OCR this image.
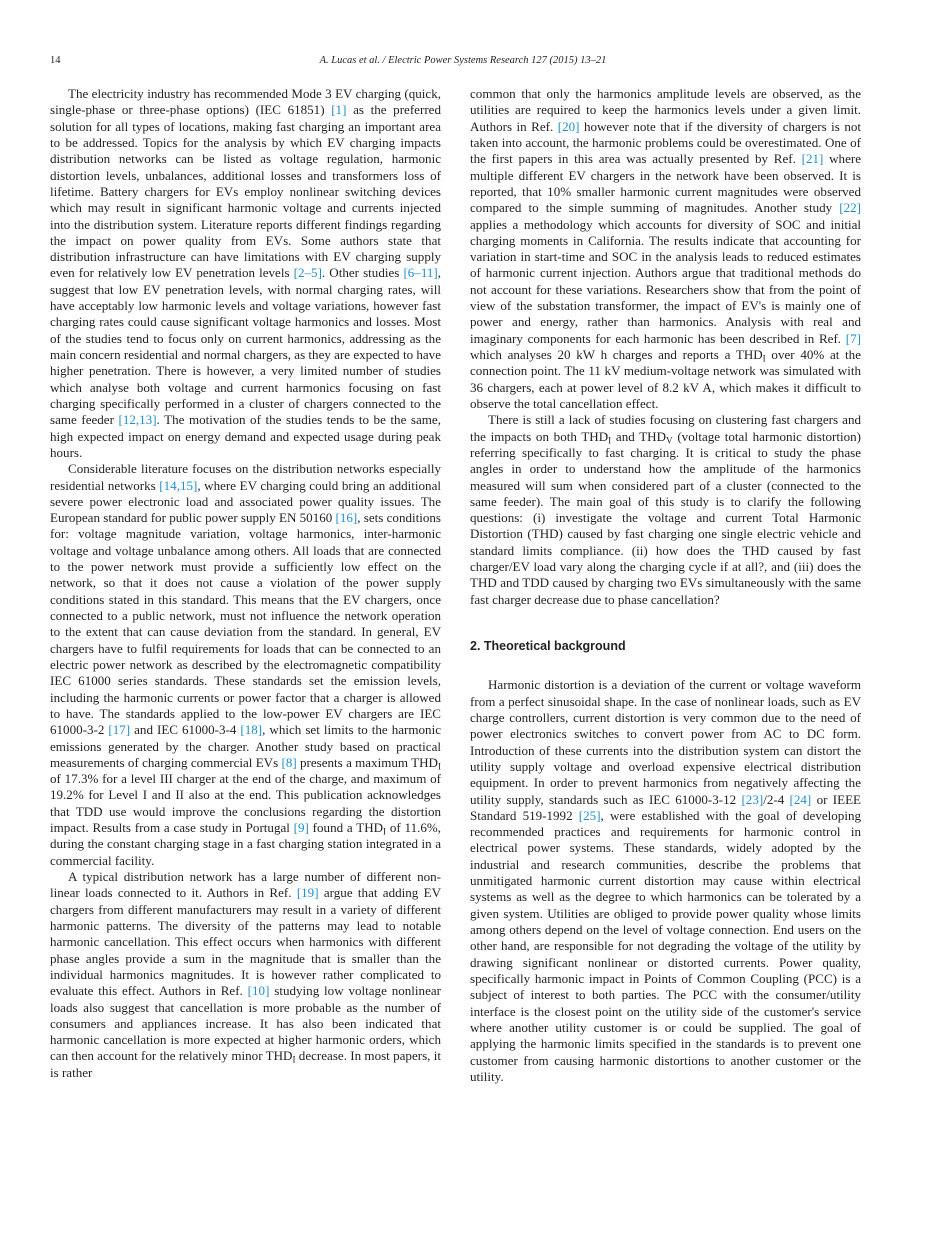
14	A. Lucas et al. / Electric Power Systems Research 127 (2015) 13–21

The electricity industry has recommended Mode 3 EV charging (quick, single-phase or three-phase options) (IEC 61851) [1] as the preferred solution for all types of locations, making fast charging an important area to be addressed. Topics for the analysis by which EV charging impacts distribution networks can be listed as voltage regulation, harmonic distortion levels, unbalances, additional losses and transformers loss of lifetime. Battery chargers for EVs employ nonlinear switching devices which may result in significant harmonic voltage and currents injected into the distribution system. Literature reports different findings regarding the impact on power quality from EVs. Some authors state that distribution infrastructure can have limitations with EV charging supply even for relatively low EV penetration levels [2–5]. Other studies [6–11], suggest that low EV penetration levels, with normal charging rates, will have acceptably low harmonic levels and voltage variations, however fast charging rates could cause significant voltage harmonics and losses. Most of the studies tend to focus only on current harmonics, addressing as the main concern residential and normal chargers, as they are expected to have higher penetration. There is however, a very limited number of studies which analyse both voltage and current harmonics focusing on fast charging specifically performed in a cluster of chargers connected to the same feeder [12,13]. The motivation of the studies tends to be the same, high expected impact on energy demand and expected usage during peak hours.

Considerable literature focuses on the distribution networks especially residential networks [14,15], where EV charging could bring an additional severe power electronic load and associated power quality issues. The European standard for public power supply EN 50160 [16], sets conditions for: voltage magnitude variation, voltage harmonics, inter-harmonic voltage and voltage unbalance among others. All loads that are connected to the power network must provide a sufficiently low effect on the network, so that it does not cause a violation of the power supply conditions stated in this standard. This means that the EV chargers, once connected to a public network, must not influence the network operation to the extent that can cause deviation from the standard. In general, EV chargers have to fulfil requirements for loads that can be connected to an electric power network as described by the electromagnetic compatibility IEC 61000 series standards. These standards set the emission levels, including the harmonic currents or power factor that a charger is allowed to have. The standards applied to the low-power EV chargers are IEC 61000-3-2 [17] and IEC 61000-3-4 [18], which set limits to the harmonic emissions generated by the charger. Another study based on practical measurements of charging commercial EVs [8] presents a maximum $THD_I$ of 17.3% for a level III charger at the end of the charge, and maximum of 19.2% for Level I and II also at the end. This publication acknowledges that TDD use would improve the conclusions regarding the distortion impact. Results from a case study in Portugal [9] found a $THD_I$ of 11.6%, during the constant charging stage in a fast charging station integrated in a commercial facility.

A typical distribution network has a large number of different non-linear loads connected to it. Authors in Ref. [19] argue that adding EV chargers from different manufacturers may result in a variety of different harmonic patterns. The diversity of the patterns may lead to notable harmonic cancellation. This effect occurs when harmonics with different phase angles provide a sum in the magnitude that is smaller than the individual harmonics magnitudes. It is however rather complicated to evaluate this effect. Authors in Ref. [10] studying low voltage nonlinear loads also suggest that cancellation is more probable as the number of consumers and appliances increase. It has also been indicated that harmonic cancellation is more expected at higher harmonic orders, which can then account for the relatively minor $THD_I$ decrease. In most papers, it is rather

common that only the harmonics amplitude levels are observed, as the utilities are required to keep the harmonics levels under a given limit. Authors in Ref. [20] however note that if the diversity of chargers is not taken into account, the harmonic problems could be overestimated. One of the first papers in this area was actually presented by Ref. [21] where multiple different EV chargers in the network have been observed. It is reported, that 10% smaller harmonic current magnitudes were observed compared to the simple summing of magnitudes. Another study [22] applies a methodology which accounts for diversity of SOC and initial charging moments in California. The results indicate that accounting for variation in start-time and SOC in the analysis leads to reduced estimates of harmonic current injection. Authors argue that traditional methods do not account for these variations. Researchers show that from the point of view of the substation transformer, the impact of EV's is mainly one of power and energy, rather than harmonics. Analysis with real and imaginary components for each harmonic has been described in Ref. [7] which analyses 20 kW h charges and reports a $THD_I$ over 40% at the connection point. The 11 kV medium-voltage network was simulated with 36 chargers, each at power level of 8.2 kV A, which makes it difficult to observe the total cancellation effect.

There is still a lack of studies focusing on clustering fast chargers and the impacts on both $THD_I$ and $THD_V$ (voltage total harmonic distortion) referring specifically to fast charging. It is critical to study the phase angles in order to understand how the amplitude of the harmonics measured will sum when considered part of a cluster (connected to the same feeder). The main goal of this study is to clarify the following questions: (i) investigate the voltage and current Total Harmonic Distortion (THD) caused by fast charging one single electric vehicle and standard limits compliance. (ii) how does the THD caused by fast charger/EV load vary along the charging cycle if at all?, and (iii) does the THD and TDD caused by charging two EVs simultaneously with the same fast charger decrease due to phase cancellation?

2. Theoretical background

Harmonic distortion is a deviation of the current or voltage waveform from a perfect sinusoidal shape. In the case of nonlinear loads, such as EV charge controllers, current distortion is very common due to the need of power electronics switches to convert power from AC to DC form. Introduction of these currents into the distribution system can distort the utility supply voltage and overload expensive electrical distribution equipment. In order to prevent harmonics from negatively affecting the utility supply, standards such as IEC 61000-3-12 [23]/2-4 [24] or IEEE Standard 519-1992 [25], were established with the goal of developing recommended practices and requirements for harmonic control in electrical power systems. These standards, widely adopted by the industrial and research communities, describe the problems that unmitigated harmonic current distortion may cause within electrical systems as well as the degree to which harmonics can be tolerated by a given system. Utilities are obliged to provide power quality whose limits among others depend on the level of voltage connection. End users on the other hand, are responsible for not degrading the voltage of the utility by drawing significant nonlinear or distorted currents. Power quality, specifically harmonic impact in Points of Common Coupling (PCC) is a subject of interest to both parties. The PCC with the consumer/utility interface is the closest point on the utility side of the customer's service where another utility customer is or could be supplied. The goal of applying the harmonic limits specified in the standards is to prevent one customer from causing harmonic distortions to another customer or the utility.
